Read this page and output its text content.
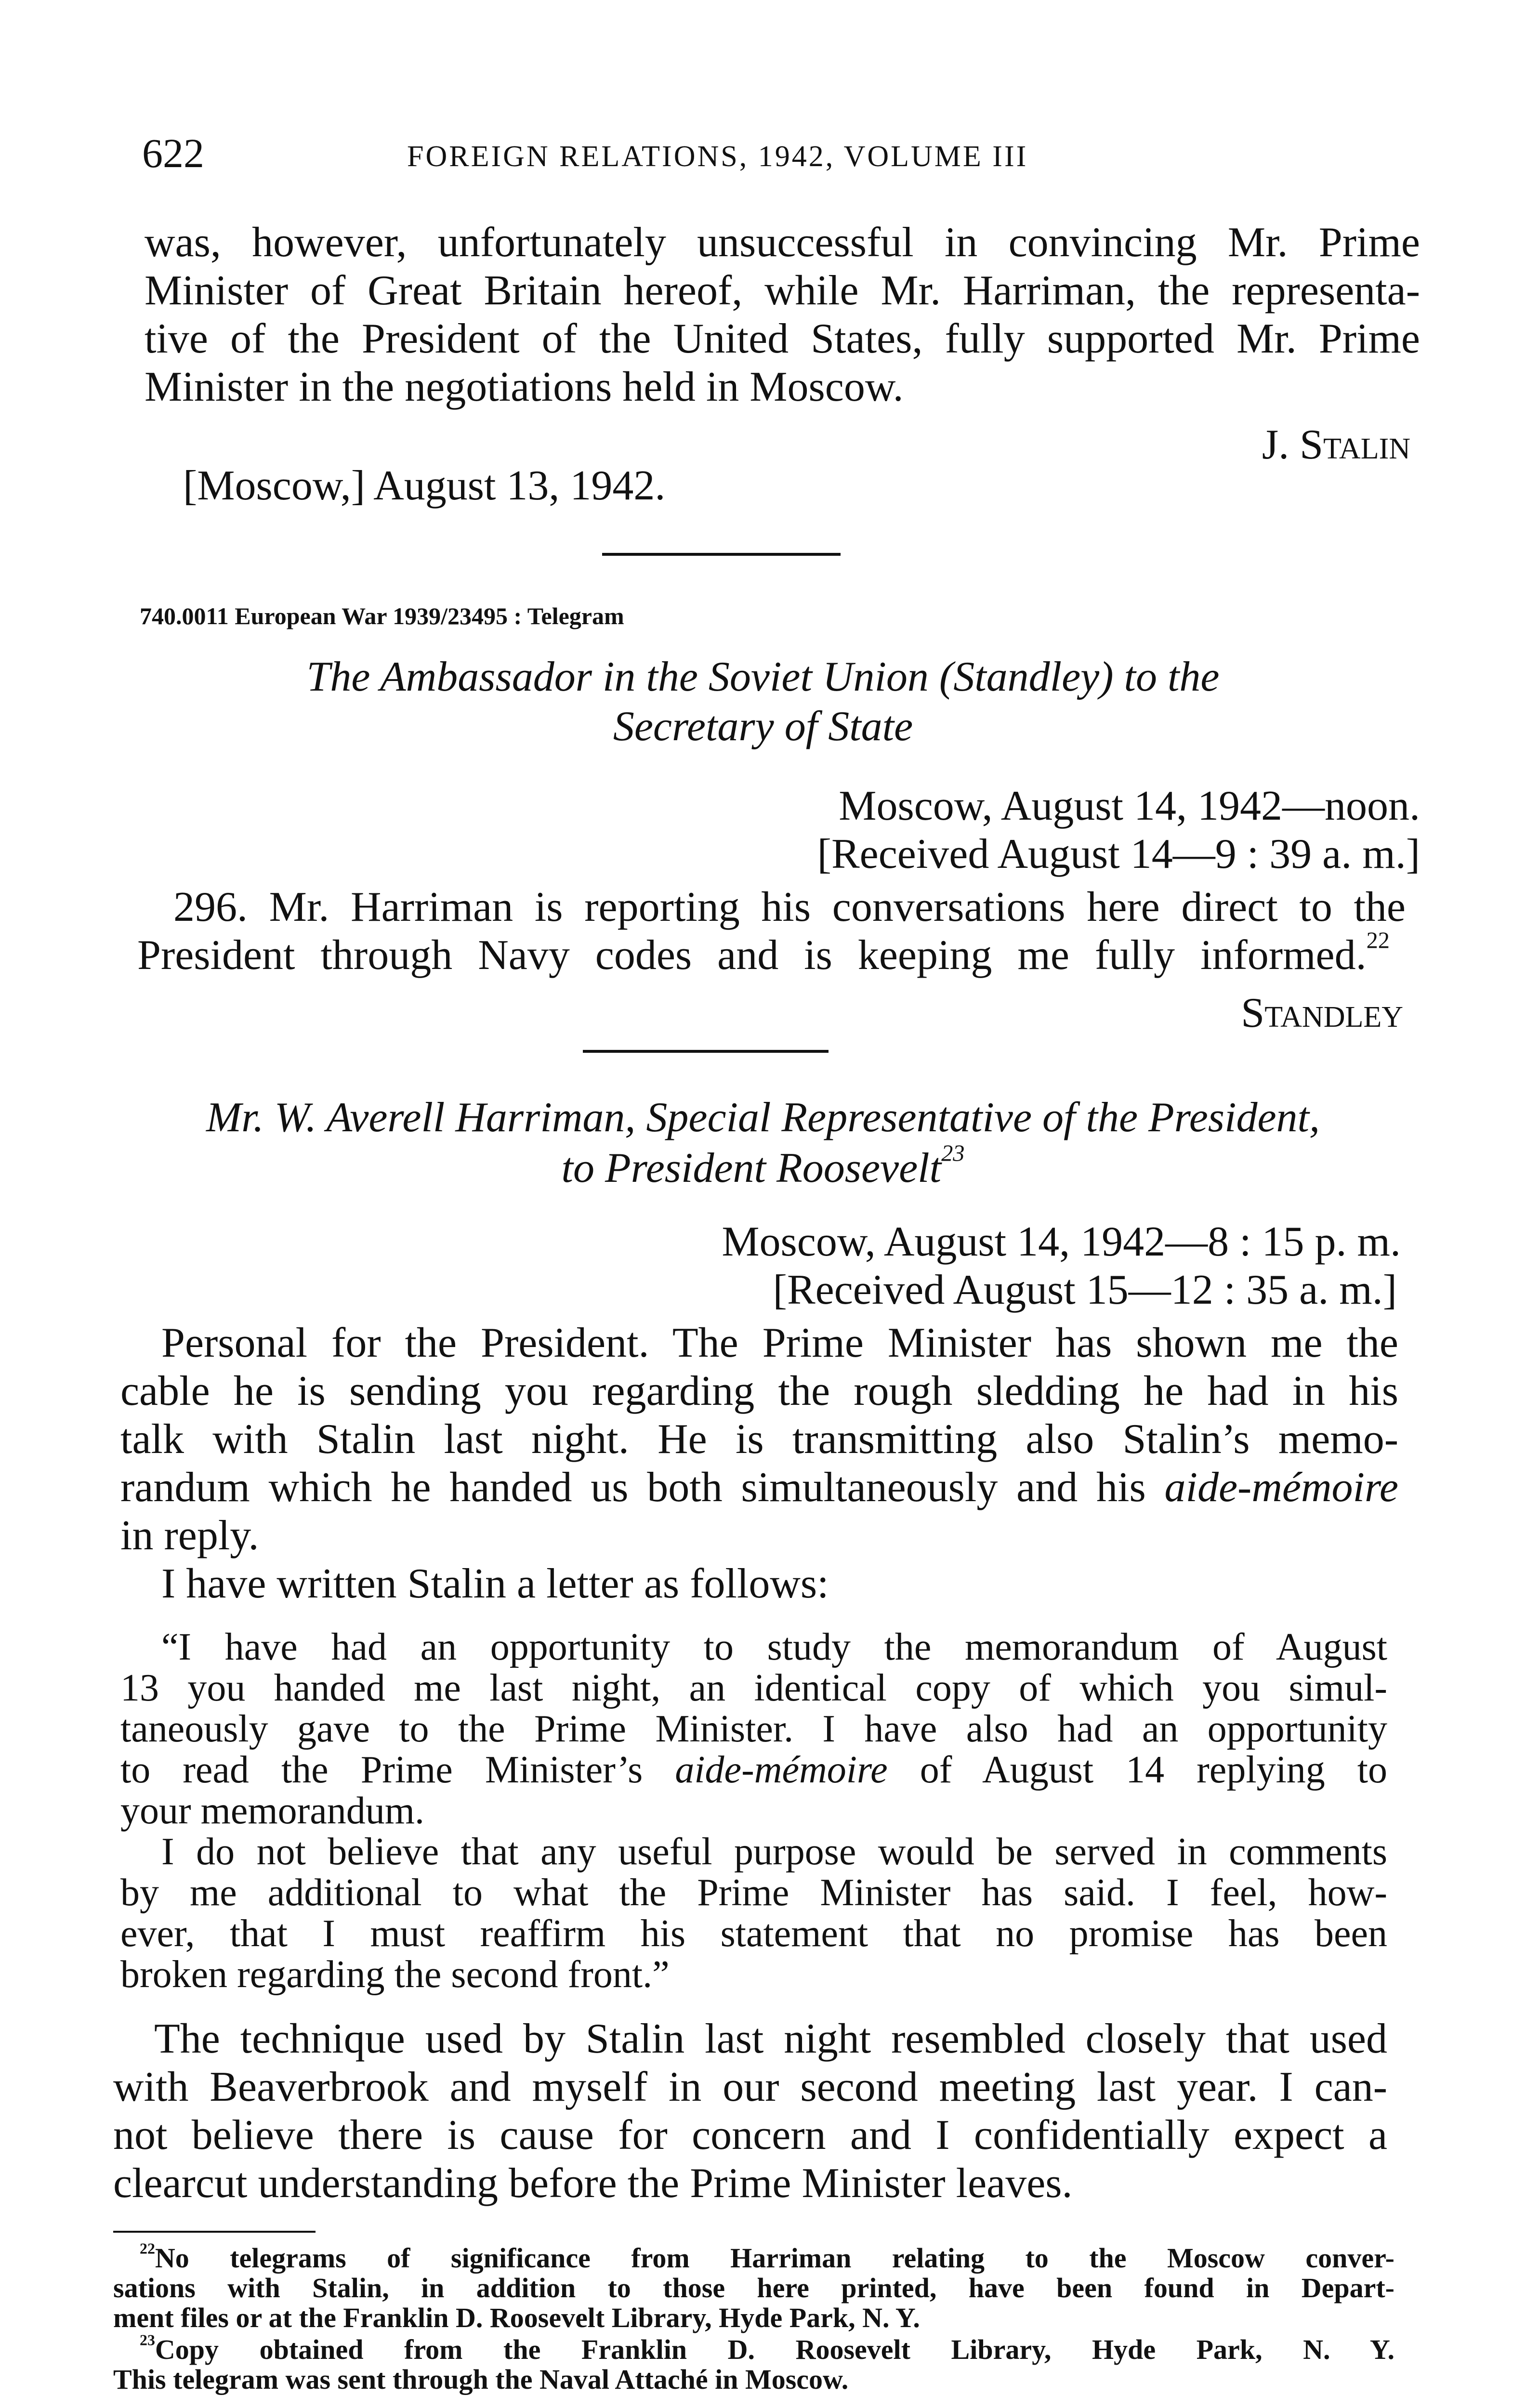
622	FOREIGN RELATIONS, 1942, VOLUME III
was, however, unfortunately unsuccessful in convincing Mr. Prime
Minister of Great Britain hereof, while Mr. Harriman, the representa-
tive of the President of the United States, fully supported Mr. Prime
Minister in the negotiations held in Moscow.
J. Stalin
[Moscow,] August 13, 1942.
740.0011 European War 1939/23495 : Telegram
The Ambassador in the Soviet Union (Standley) to the
Secretary of State
Moscow, August 14, 1942—noon.
[Received August 14—9 : 39 a. m.]
296. Mr. Harriman is reporting his conversations here direct to the
President through Navy codes and is keeping me fully informed.$^{22}$
Standley
Mr. W. Averell Harriman, Special Representative of the President,
to President Roosevelt$^{23}$
Moscow, August 14, 1942—8 : 15 p. m.
[Received August 15—12 : 35 a. m.]
Personal for the President. The Prime Minister has shown me the
cable he is sending you regarding the rough sledding he had in his
talk with Stalin last night. He is transmitting also Stalin’s memo-
randum which he handed us both simultaneously and his aide-mémoire
in reply.
I have written Stalin a letter as follows:
“I have had an opportunity to study the memorandum of August
13 you handed me last night, an identical copy of which you simul-
taneously gave to the Prime Minister. I have also had an opportunity
to read the Prime Minister’s aide-mémoire of August 14 replying to
your memorandum.
I do not believe that any useful purpose would be served in comments
by me additional to what the Prime Minister has said. I feel, how-
ever, that I must reaffirm his statement that no promise has been
broken regarding the second front.”
The technique used by Stalin last night resembled closely that used
with Beaverbrook and myself in our second meeting last year. I can-
not believe there is cause for concern and I confidentially expect a
clearcut understanding before the Prime Minister leaves.
$^{22}$No telegrams of significance from Harriman relating to the Moscow conver-
sations with Stalin, in addition to those here printed, have been found in Depart-
ment files or at the Franklin D. Roosevelt Library, Hyde Park, N. Y.
$^{23}$Copy obtained from the Franklin D. Roosevelt Library, Hyde Park, N. Y.
This telegram was sent through the Naval Attaché in Moscow.
